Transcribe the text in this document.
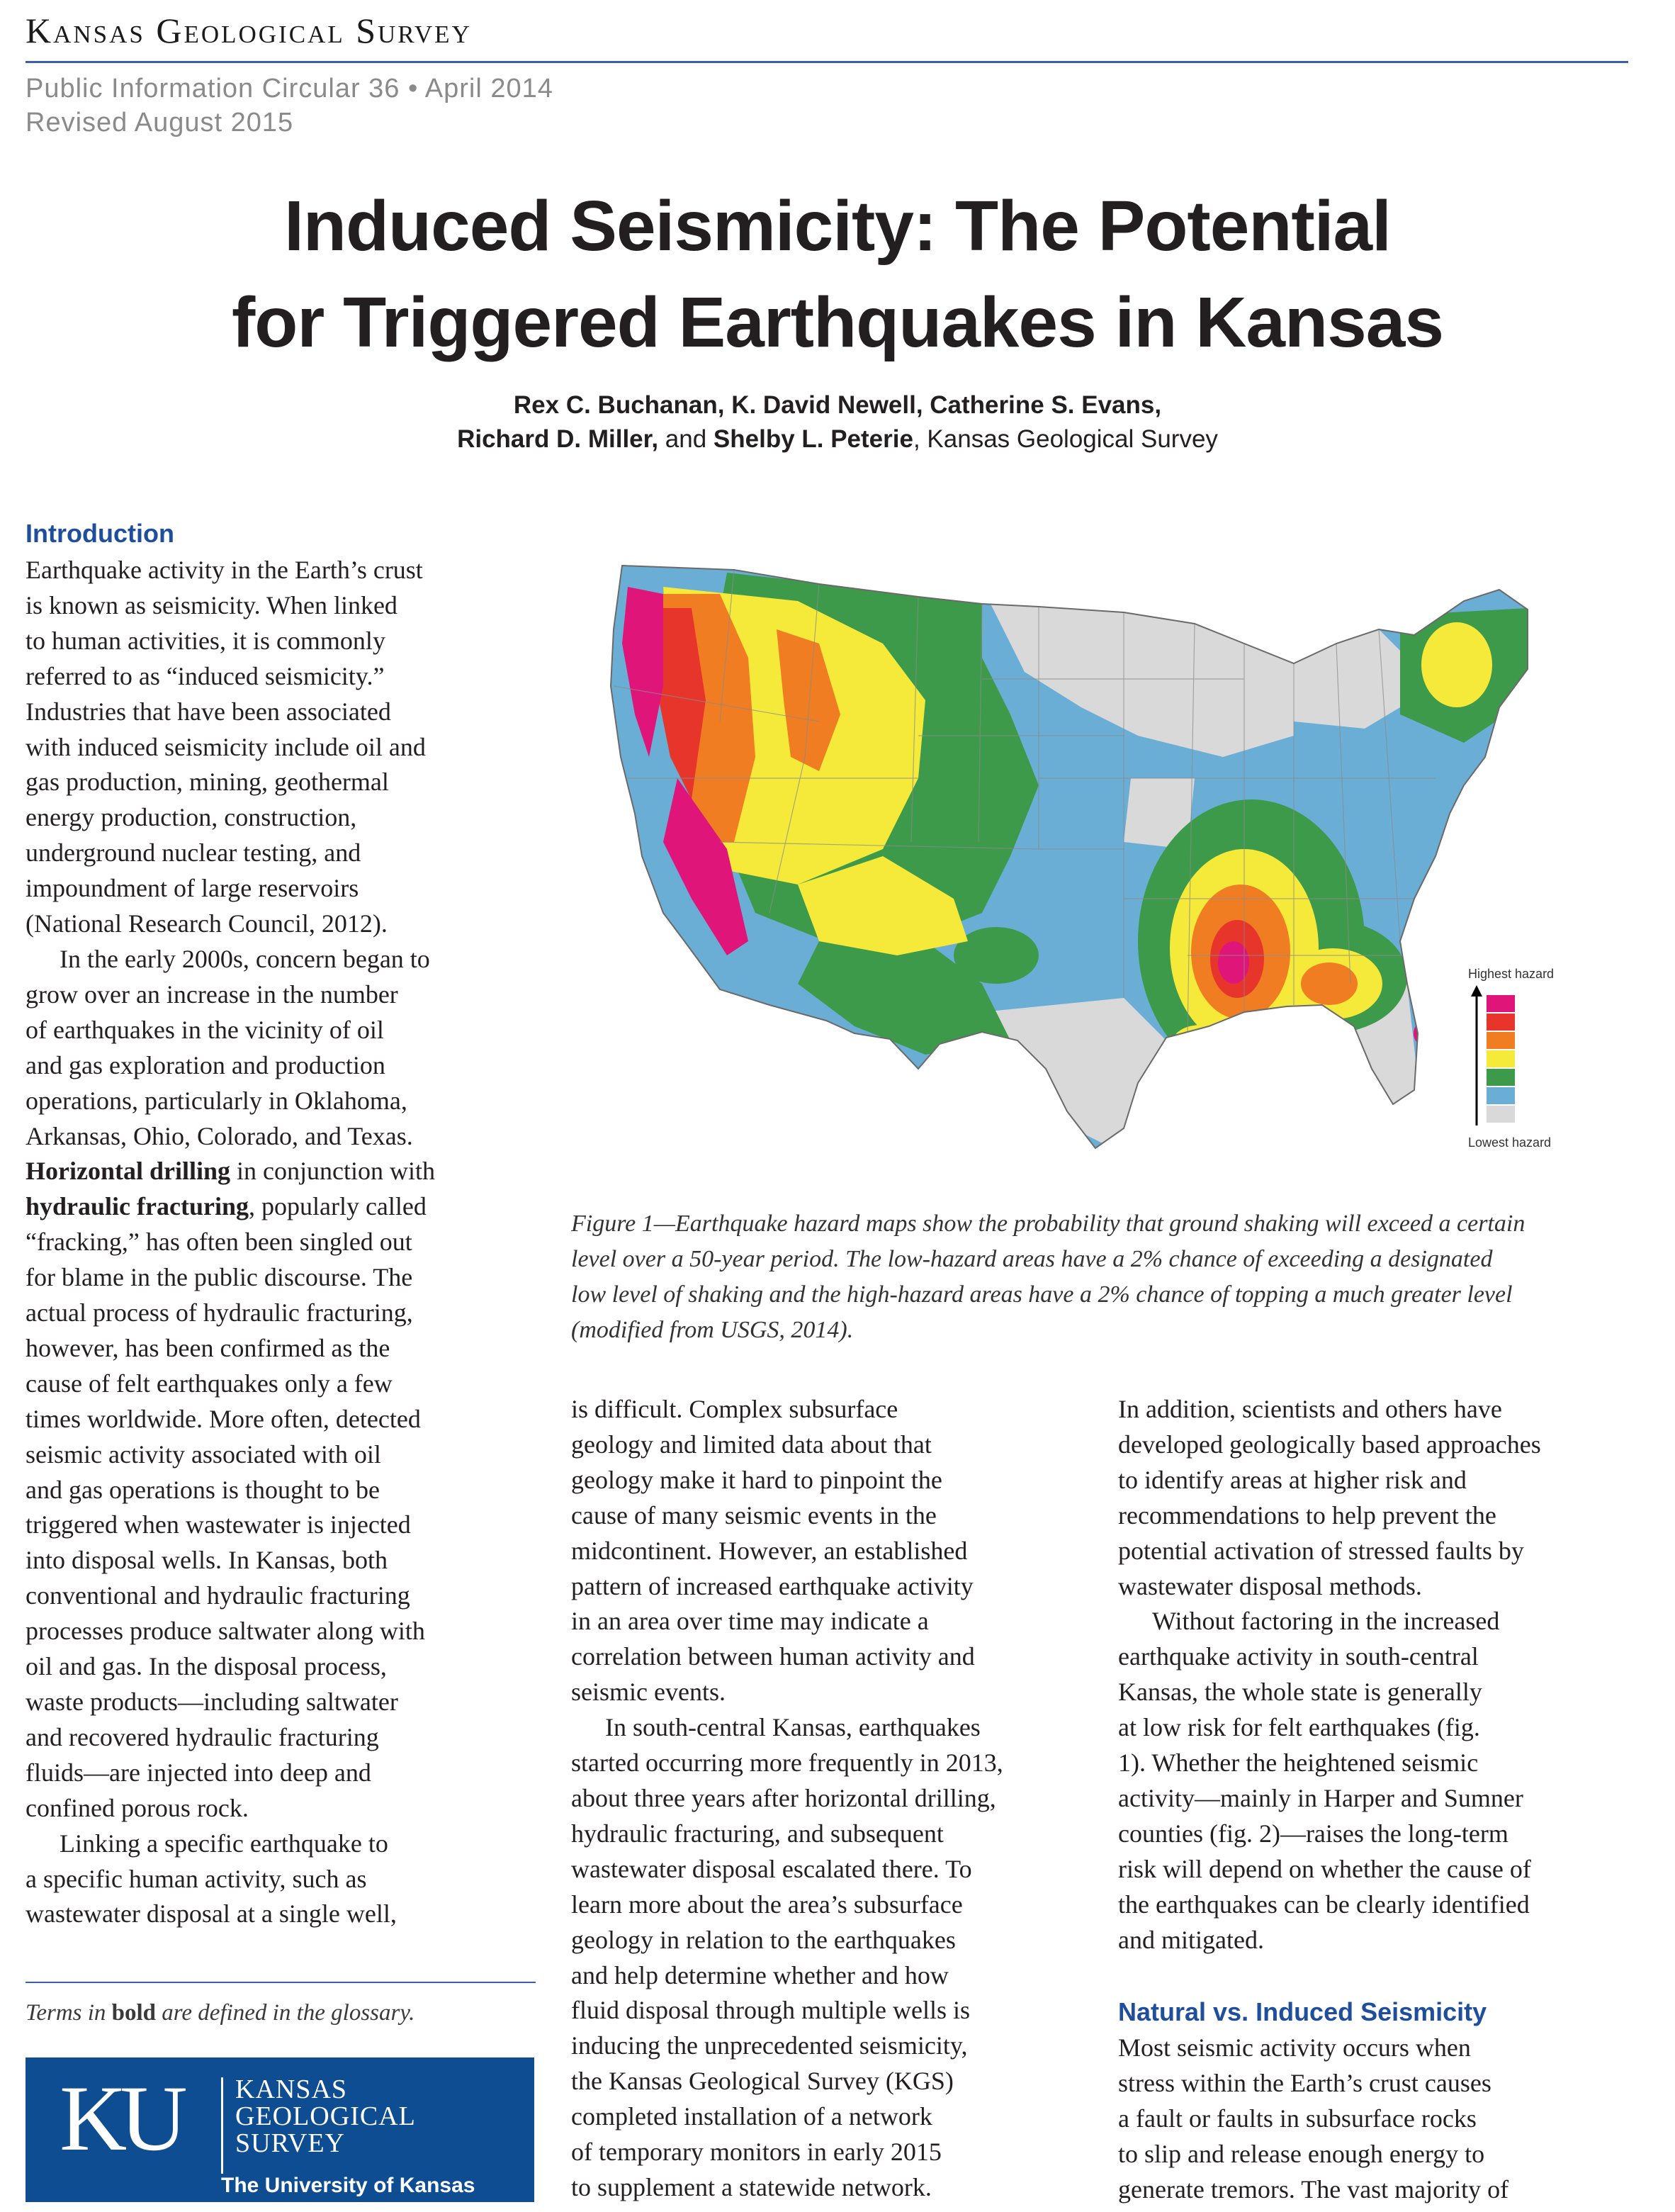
Kansas Geological Survey
Public Information Circular 36 • April 2014
Revised August 2015
Induced Seismicity: The Potential
for Triggered Earthquakes in Kansas
Rex C. Buchanan, K. David Newell, Catherine S. Evans,
Richard D. Miller, and Shelby L. Peterie, Kansas Geological Survey
Introduction
Earthquake activity in the Earth’s crust
is known as seismicity. When linked
to human activities, it is commonly
referred to as “induced seismicity.”
Industries that have been associated
with induced seismicity include oil and
gas production, mining, geothermal
energy production, construction,
underground nuclear testing, and
impoundment of large reservoirs
(National Research Council, 2012).
In the early 2000s, concern began to
grow over an increase in the number
of earthquakes in the vicinity of oil
and gas exploration and production
operations, particularly in Oklahoma,
Arkansas, Ohio, Colorado, and Texas.
Horizontal drilling in conjunction with
hydraulic fracturing, popularly called
“fracking,” has often been singled out
for blame in the public discourse. The
actual process of hydraulic fracturing,
however, has been confirmed as the
cause of felt earthquakes only a few
times worldwide. More often, detected
seismic activity associated with oil
and gas operations is thought to be
triggered when wastewater is injected
into disposal wells. In Kansas, both
conventional and hydraulic fracturing
processes produce saltwater along with
oil and gas. In the disposal process,
waste products—including saltwater
and recovered hydraulic fracturing
fluids—are injected into deep and
confined porous rock.
Linking a specific earthquake to
a specific human activity, such as
wastewater disposal at a single well,
Terms in bold are defined in the glossary.
KU KANSAS
GEOLOGICAL
SURVEY
The University of Kansas
Highest hazard
Lowest hazard
Figure 1—Earthquake hazard maps show the probability that ground shaking will exceed a certain
level over a 50-year period. The low-hazard areas have a 2% chance of exceeding a designated
low level of shaking and the high-hazard areas have a 2% chance of topping a much greater level
(modified from USGS, 2014).
is difficult. Complex subsurface
geology and limited data about that
geology make it hard to pinpoint the
cause of many seismic events in the
midcontinent. However, an established
pattern of increased earthquake activity
in an area over time may indicate a
correlation between human activity and
seismic events.
In south-central Kansas, earthquakes
started occurring more frequently in 2013,
about three years after horizontal drilling,
hydraulic fracturing, and subsequent
wastewater disposal escalated there. To
learn more about the area’s subsurface
geology in relation to the earthquakes
and help determine whether and how
fluid disposal through multiple wells is
inducing the unprecedented seismicity,
the Kansas Geological Survey (KGS)
completed installation of a network
of temporary monitors in early 2015
to supplement a statewide network.
In addition, scientists and others have
developed geologically based approaches
to identify areas at higher risk and
recommendations to help prevent the
potential activation of stressed faults by
wastewater disposal methods.
Without factoring in the increased
earthquake activity in south-central
Kansas, the whole state is generally
at low risk for felt earthquakes (fig.
1). Whether the heightened seismic
activity—mainly in Harper and Sumner
counties (fig. 2)—raises the long-term
risk will depend on whether the cause of
the earthquakes can be clearly identified
and mitigated.
Natural vs. Induced Seismicity
Most seismic activity occurs when
stress within the Earth’s crust causes
a fault or faults in subsurface rocks
to slip and release enough energy to
generate tremors. The vast majority of
